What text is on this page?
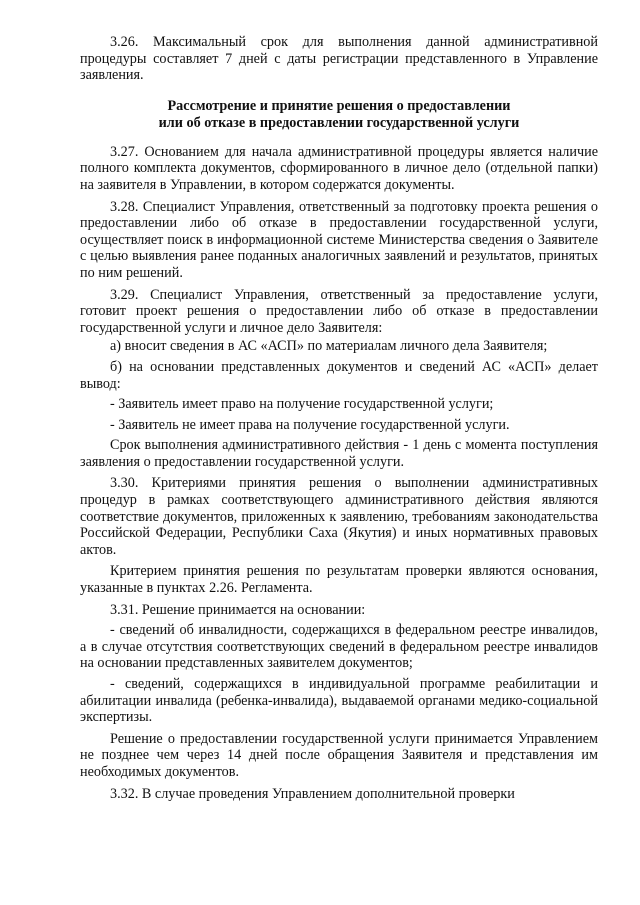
3.26. Максимальный срок для выполнения данной административной процедуры составляет 7 дней с даты регистрации представленного в Управление заявления.

Рассмотрение и принятие решения о предоставлении
или об отказе в предоставлении государственной услуги

3.27. Основанием для начала административной процедуры является наличие полного комплекта документов, сформированного в личное дело (отдельной папки) на заявителя в Управлении, в котором содержатся документы.

3.28. Специалист Управления, ответственный за подготовку проекта решения о предоставлении либо об отказе в предоставлении государственной услуги, осуществляет поиск в информационной системе Министерства сведения о Заявителе с целью выявления ранее поданных аналогичных заявлений и результатов, принятых по ним решений.

3.29. Специалист Управления, ответственный за предоставление услуги, готовит проект решения о предоставлении либо об отказе в предоставлении государственной услуги и личное дело Заявителя:

а) вносит сведения в АС «АСП» по материалам личного дела Заявителя;

б) на основании представленных документов и сведений АС «АСП» делает вывод:

- Заявитель имеет право на получение государственной услуги;

- Заявитель не имеет права на получение государственной услуги.

Срок выполнения административного действия - 1 день с момента поступления заявления о предоставлении государственной услуги.

3.30. Критериями принятия решения о выполнении административных процедур в рамках соответствующего административного действия являются соответствие документов, приложенных к заявлению, требованиям законодательства Российской Федерации, Республики Саха (Якутия) и иных нормативных правовых актов.

Критерием принятия решения по результатам проверки являются основания, указанные в пунктах 2.26. Регламента.

3.31. Решение принимается на основании:

- сведений об инвалидности, содержащихся в федеральном реестре инвалидов, а в случае отсутствия соответствующих сведений в федеральном реестре инвалидов на основании представленных заявителем документов;

- сведений, содержащихся в индивидуальной программе реабилитации и абилитации инвалида (ребенка-инвалида), выдаваемой органами медико-социальной экспертизы.

Решение о предоставлении государственной услуги принимается Управлением не позднее чем через 14 дней после обращения Заявителя и представления им необходимых документов.

3.32. В случае проведения Управлением дополнительной проверки
